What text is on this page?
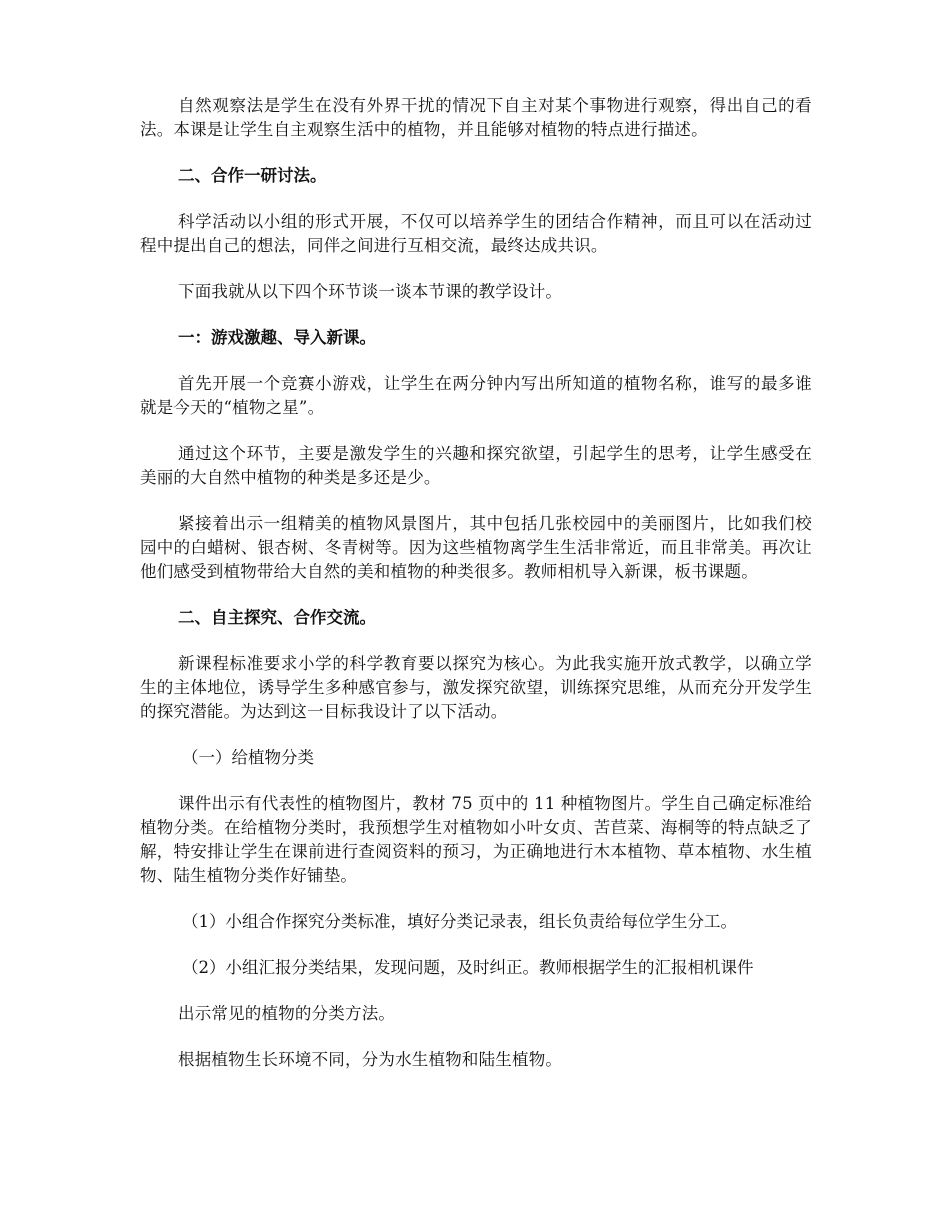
自然观察法是学生在没有外界干扰的情况下自主对某个事物进行观察，得出自己的看法。本课是让学生自主观察生活中的植物，并且能够对植物的特点进行描述。

二、合作一研讨法。

科学活动以小组的形式开展，不仅可以培养学生的团结合作精神，而且可以在活动过程中提出自己的想法，同伴之间进行互相交流，最终达成共识。

下面我就从以下四个环节谈一谈本节课的教学设计。

一：游戏激趣、导入新课。

首先开展一个竞赛小游戏，让学生在两分钟内写出所知道的植物名称，谁写的最多谁就是今天的“植物之星”。

通过这个环节，主要是激发学生的兴趣和探究欲望，引起学生的思考，让学生感受在美丽的大自然中植物的种类是多还是少。

紧接着出示一组精美的植物风景图片，其中包括几张校园中的美丽图片，比如我们校园中的白蜡树、银杏树、冬青树等。因为这些植物离学生生活非常近，而且非常美。再次让他们感受到植物带给大自然的美和植物的种类很多。教师相机导入新课，板书课题。

二、自主探究、合作交流。

新课程标准要求小学的科学教育要以探究为核心。为此我实施开放式教学，以确立学生的主体地位，诱导学生多种感官参与，激发探究欲望，训练探究思维，从而充分开发学生的探究潜能。为达到这一目标我设计了以下活动。

（一）给植物分类

课件出示有代表性的植物图片，教材 75 页中的 11 种植物图片。学生自己确定标准给植物分类。在给植物分类时，我预想学生对植物如小叶女贞、苦苣菜、海桐等的特点缺乏了解，特安排让学生在课前进行查阅资料的预习，为正确地进行木本植物、草本植物、水生植物、陆生植物分类作好铺垫。

（1）小组合作探究分类标准，填好分类记录表，组长负责给每位学生分工。

（2）小组汇报分类结果，发现问题，及时纠正。教师根据学生的汇报相机课件

出示常见的植物的分类方法。

根据植物生长环境不同，分为水生植物和陆生植物。
